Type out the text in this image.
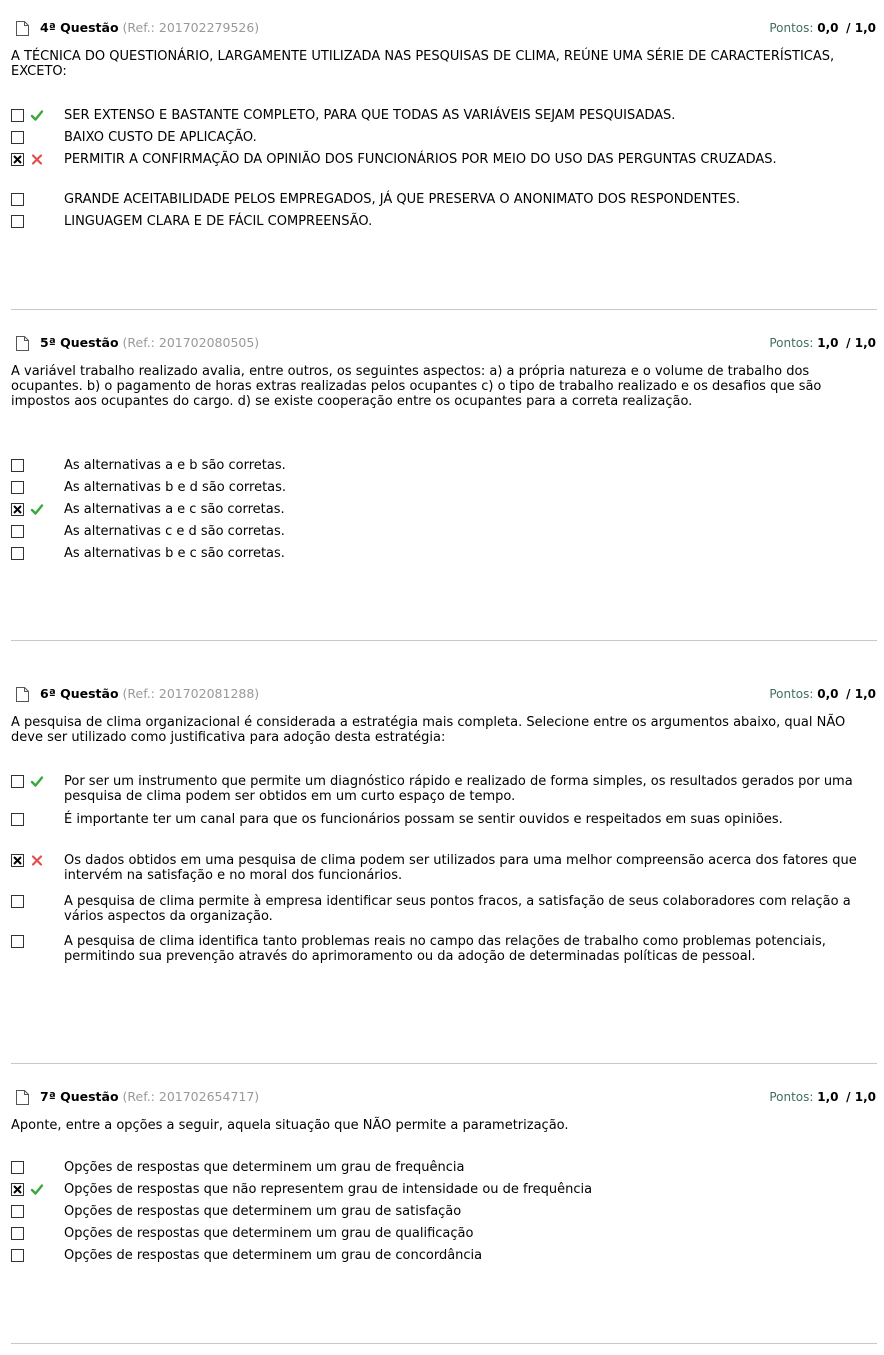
4ª Questão (Ref.: 201702279526)	Pontos: 0,0 / 1,0

A TÉCNICA DO QUESTIONÁRIO, LARGAMENTE UTILIZADA NAS PESQUISAS DE CLIMA, REÚNE UMA SÉRIE DE CARACTERÍSTICAS, EXCETO:

SER EXTENSO E BASTANTE COMPLETO, PARA QUE TODAS AS VARIÁVEIS SEJAM PESQUISADAS.

BAIXO CUSTO DE APLICAÇÃO.

PERMITIR A CONFIRMAÇÃO DA OPINIÃO DOS FUNCIONÁRIOS POR MEIO DO USO DAS PERGUNTAS CRUZADAS.

GRANDE ACEITABILIDADE PELOS EMPREGADOS, JÁ QUE PRESERVA O ANONIMATO DOS RESPONDENTES.

LINGUAGEM CLARA E DE FÁCIL COMPREENSÃO.

5ª Questão (Ref.: 201702080505)	Pontos: 1,0 / 1,0

A variável trabalho realizado avalia, entre outros, os seguintes aspectos: a) a própria natureza e o volume de trabalho dos ocupantes. b) o pagamento de horas extras realizadas pelos ocupantes c) o tipo de trabalho realizado e os desafios que são impostos aos ocupantes do cargo. d) se existe cooperação entre os ocupantes para a correta realização.

As alternativas a e b são corretas.

As alternativas b e d são corretas.

As alternativas a e c são corretas.

As alternativas c e d são corretas.

As alternativas b e c são corretas.

6ª Questão (Ref.: 201702081288)	Pontos: 0,0 / 1,0

A pesquisa de clima organizacional é considerada a estratégia mais completa. Selecione entre os argumentos abaixo, qual NÃO deve ser utilizado como justificativa para adoção desta estratégia:

Por ser um instrumento que permite um diagnóstico rápido e realizado de forma simples, os resultados gerados por uma pesquisa de clima podem ser obtidos em um curto espaço de tempo.

É importante ter um canal para que os funcionários possam se sentir ouvidos e respeitados em suas opiniões.

Os dados obtidos em uma pesquisa de clima podem ser utilizados para uma melhor compreensão acerca dos fatores que intervém na satisfação e no moral dos funcionários.

A pesquisa de clima permite à empresa identificar seus pontos fracos, a satisfação de seus colaboradores com relação a vários aspectos da organização.

A pesquisa de clima identifica tanto problemas reais no campo das relações de trabalho como problemas potenciais, permitindo sua prevenção através do aprimoramento ou da adoção de determinadas políticas de pessoal.

7ª Questão (Ref.: 201702654717)	Pontos: 1,0 / 1,0

Aponte, entre a opções a seguir, aquela situação que NÃO permite a parametrização.

Opções de respostas que determinem um grau de frequência

Opções de respostas que não representem grau de intensidade ou de frequência

Opções de respostas que determinem um grau de satisfação

Opções de respostas que determinem um grau de qualificação

Opções de respostas que determinem um grau de concordância
